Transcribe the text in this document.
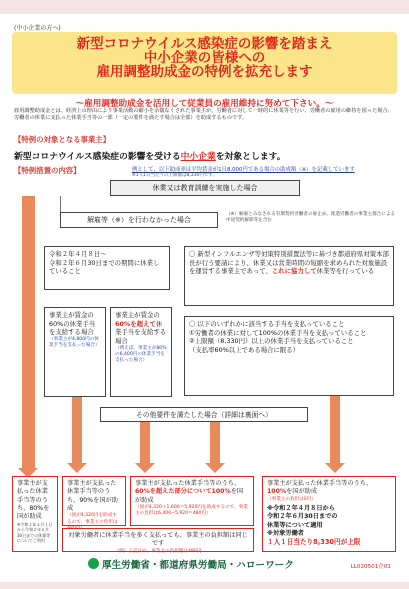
(中小企業の方へ)
新型コロナウイルス感染症の影響を踏まえ
中小企業の皆様への
雇用調整助成金の特例を拡充します
～雇用調整助成金を活用して従業員の雇用維持に努めて下さい。～
雇用調整助成金とは、経済上の理由により事業活動の縮小を余儀なくされた事業主が、労働者に対して一時的に休業等を行い、労働者の雇用の維持を図った場合、労働者の休業に支払った休業手当等の一部（一定の要件を満たす場合は全部）を助成するものです。
【特例の対象となる事業主】
新型コロナウイルス感染症の影響を受ける中小企業を対象とします。
【特例措置の内容】	例として、以下助成率は平均賃金が1日8,000円である場合の助成額（※）を記載しています
※1人1日当たりの上限額は8,330円です。
休業又は教育訓練を実施した場合
解雇等（※）を行わなかった場合
（※）解雇とみなされる有期契約労働者の雇止め、派遣労働者の事業主都合による中途契約解除等を含む
令和２年４月８日～
令和２年６月30日までの期間に休業していること
事業主が賃金の60%の休業手当を支給する場合
（事業主が4,800円の休業手当を支払った場合）
事業主が賃金の60%を超えて休業手当を支給する場合
（例えば、事業主が80%の6,400円の休業手当を支払った場合）
〇 新型インフルエンザ等対策特別措置法等に基づき都道府県対策本部長が行う要請により、休業又は営業時間の短縮を求められた対象施設を運営する事業主であって、これに協力して休業等を行っている
〇 以下のいずれかに該当する手当を支払っていること
①労働者の休業に対して100%の休業手当を支払っていること
②上限額（8,330円）以上の休業手当を支払っていること
（支払率60%以上である場合に限る）
その他要件を満たした場合（詳細は裏面へ）
事業主が支払った休業手当等のうち、80%を国が助成
※令和２年４月１日から令和２年６月30日までの休業等についてご利用
事業主が支払った休業手当等のうち、90%を国が助成
（国が4,320円を助成するので、事業主の負担は
事業主が支払った休業手当等のうち、60%を超えた部分について100%を国が助成
（国が4,320＋1,600＝5,920円を助成するので、事業主の負担は6,400−5,920＝480円）
対象労働者に休業手当を多く支払っても、事業主の負担額は同じです
（例）上記ほか、事業主の負担額は480円
事業主が支払った休業手当等のうち、100%を国が助成
（事業主の負担は0円）
※令和２年４月８日から
令和２年６月30日までの
休業等について適用
※対象労働者
１人１日当たり8,330円が上限
厚生労働省・都道府県労働局・ハローワーク	LL020501企01
